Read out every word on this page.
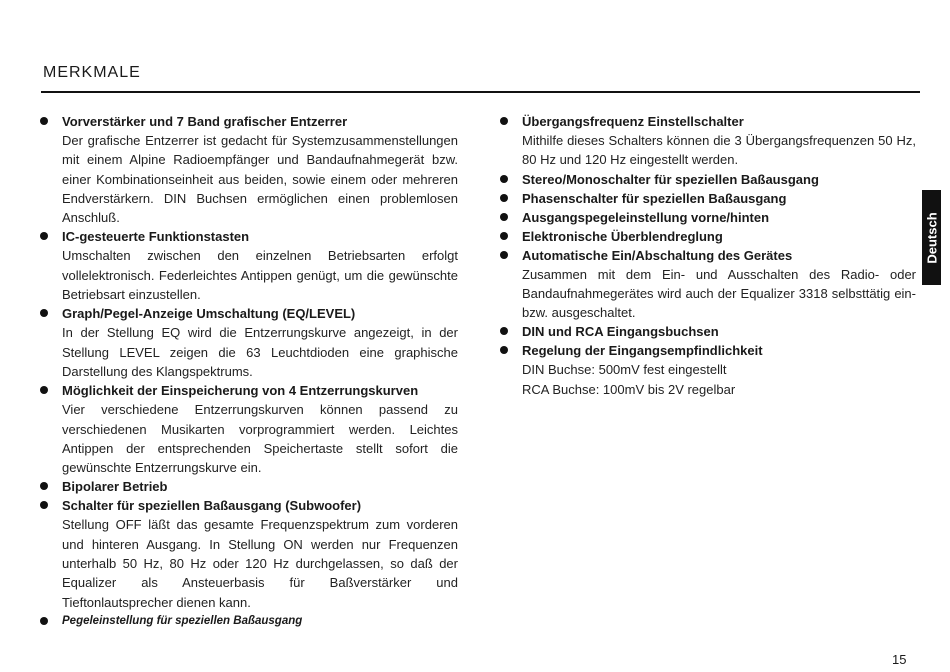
MERKMALE
Vorverstärker und 7 Band grafischer Entzerrer
Der grafische Entzerrer ist gedacht für Systemzusammenstellungen mit einem Alpine Radioempfänger und Bandaufnahmegerät bzw. einer Kombinationseinheit aus beiden, sowie einem oder mehreren Endverstärkern. DIN Buchsen ermöglichen einen problemlosen Anschluß.
IC-gesteuerte Funktionstasten
Umschalten zwischen den einzelnen Betriebsarten erfolgt vollelektronisch. Federleichtes Antippen genügt, um die gewünschte Betriebsart einzustellen.
Graph/Pegel-Anzeige Umschaltung (EQ/LEVEL)
In der Stellung EQ wird die Entzerrungskurve angezeigt, in der Stellung LEVEL zeigen die 63 Leuchtdioden eine graphische Darstellung des Klangspektrums.
Möglichkeit der Einspeicherung von 4 Entzerrungskurven
Vier verschiedene Entzerrungskurven können passend zu verschiedenen Musikarten vorprogrammiert werden. Leichtes Antippen der entsprechenden Speichertaste stellt sofort die gewünschte Entzerrungskurve ein.
Bipolarer Betrieb
Schalter für speziellen Baßausgang (Subwoofer)
Stellung OFF läßt das gesamte Frequenzspektrum zum vorderen und hinteren Ausgang. In Stellung ON werden nur Frequenzen unterhalb 50 Hz, 80 Hz oder 120 Hz durchgelassen, so daß der Equalizer als Ansteuerbasis für Baßverstärker und Tieftonlautsprecher dienen kann.
Pegeleinstellung für speziellen Baßausgang
Übergangsfrequenz Einstellschalter
Mithilfe dieses Schalters können die 3 Übergangsfrequenzen 50 Hz, 80 Hz und 120 Hz eingestellt werden.
Stereo/Monoschalter für speziellen Baßausgang
Phasenschalter für speziellen Baßausgang
Ausgangspegeleinstellung vorne/hinten
Elektronische Überblendreglung
Automatische Ein/Abschaltung des Gerätes
Zusammen mit dem Ein- und Ausschalten des Radio- oder Bandaufnahmegerätes wird auch der Equalizer 3318 selbsttätig ein- bzw. ausgeschaltet.
DIN und RCA Eingangsbuchsen
Regelung der Eingangsempfindlichkeit
DIN Buchse: 500mV fest eingestellt
RCA Buchse: 100mV bis 2V regelbar
Deutsch
15
